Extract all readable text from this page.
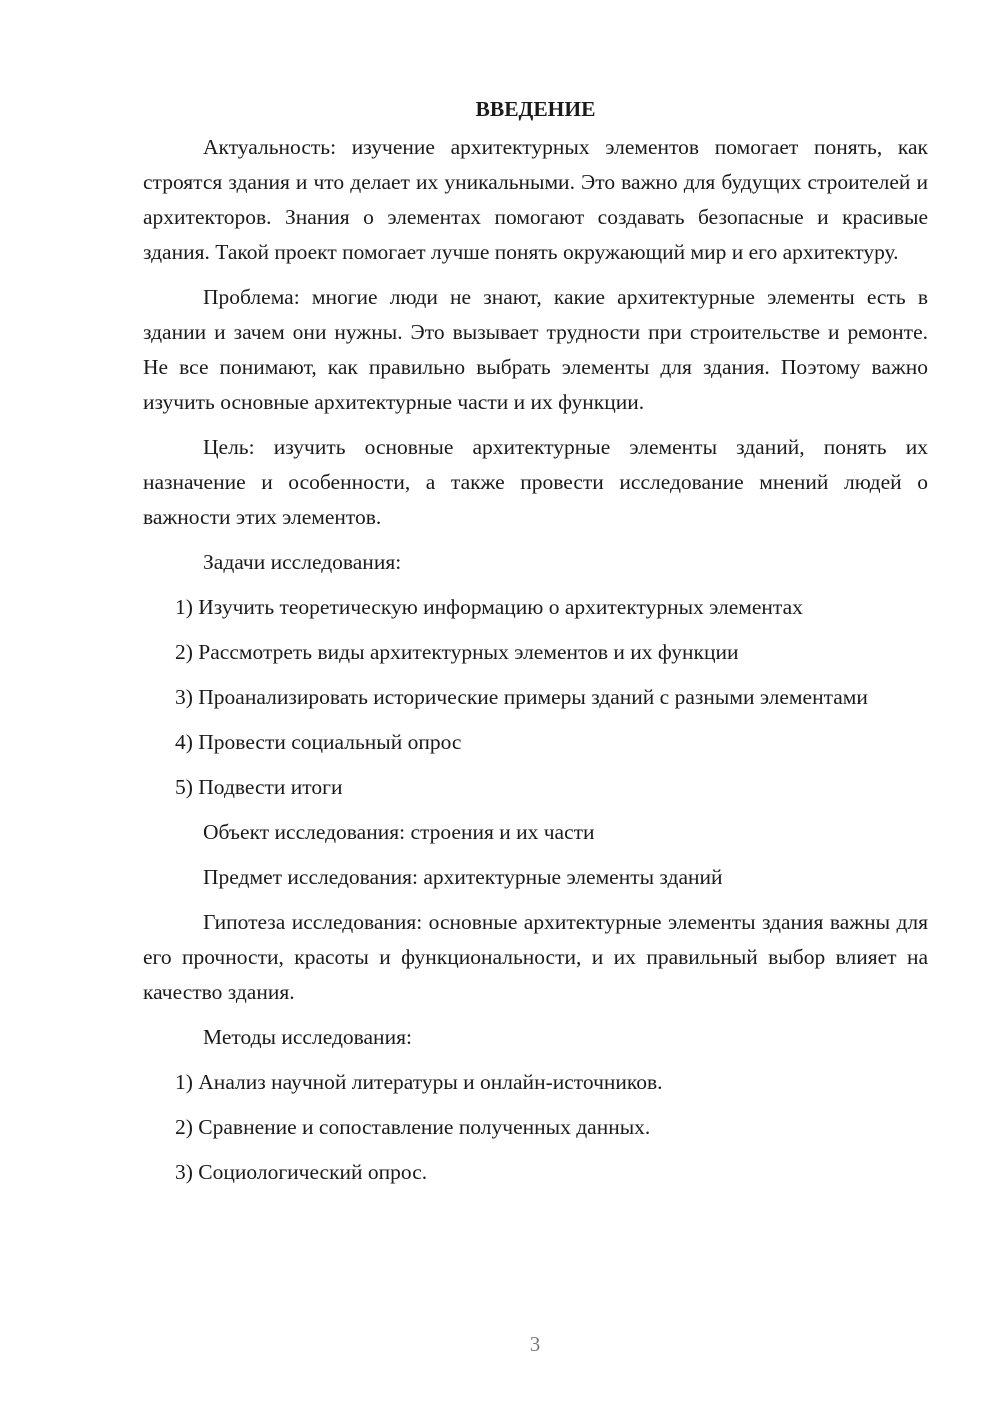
ВВЕДЕНИЕ

Актуальность: изучение архитектурных элементов помогает понять, как строятся здания и что делает их уникальными. Это важно для будущих строителей и архитекторов. Знания о элементах помогают создавать безопасные и красивые здания. Такой проект помогает лучше понять окружающий мир и его архитектуру.

Проблема: многие люди не знают, какие архитектурные элементы есть в здании и зачем они нужны. Это вызывает трудности при строительстве и ремонте. Не все понимают, как правильно выбрать элементы для здания. Поэтому важно изучить основные архитектурные части и их функции.

Цель: изучить основные архитектурные элементы зданий, понять их назначение и особенности, а также провести исследование мнений людей о важности этих элементов.

Задачи исследования:

1) Изучить теоретическую информацию о архитектурных элементах

2) Рассмотреть виды архитектурных элементов и их функции

3) Проанализировать исторические примеры зданий с разными элементами

4) Провести социальный опрос

5) Подвести итоги

Объект исследования: строения и их части

Предмет исследования: архитектурные элементы зданий

Гипотеза исследования: основные архитектурные элементы здания важны для его прочности, красоты и функциональности, и их правильный выбор влияет на качество здания.

Методы исследования:

1) Анализ научной литературы и онлайн-источников.

2) Сравнение и сопоставление полученных данных.

3) Социологический опрос.

3
